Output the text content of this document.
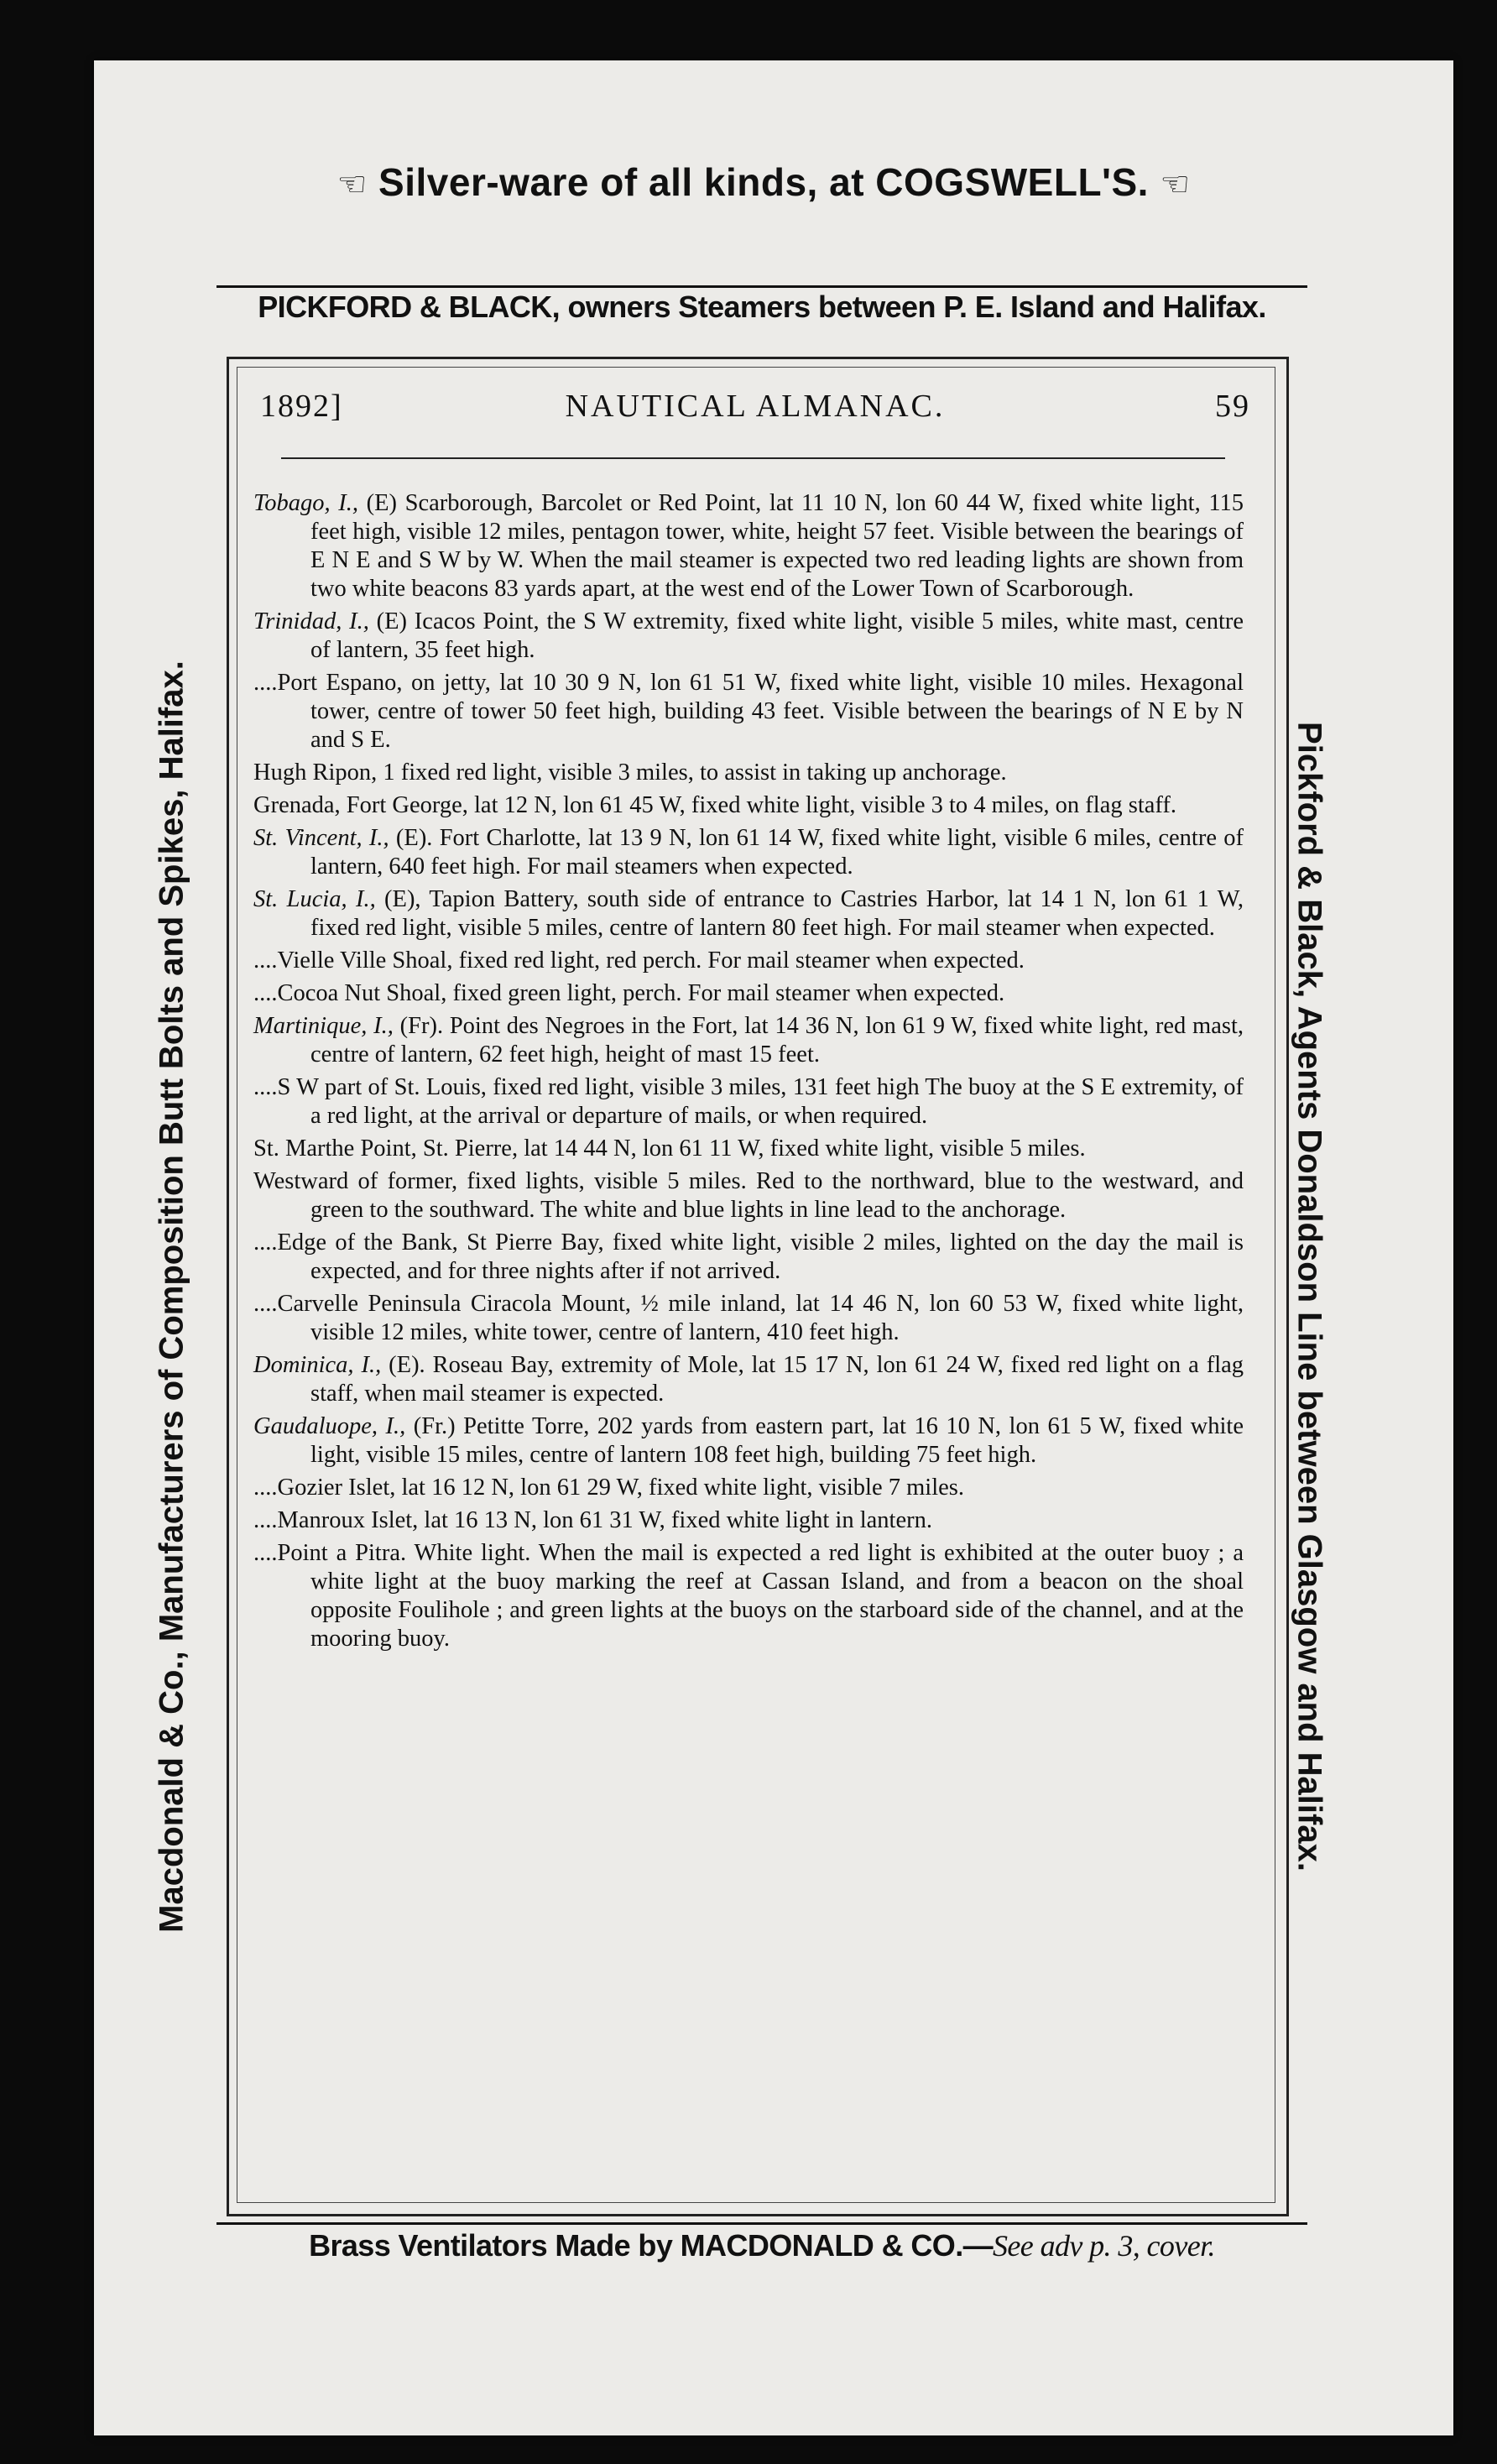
☞ Silver-ware of all kinds, at COGSWELL'S. ☜
PICKFORD & BLACK, owners Steamers between P. E. Island and Halifax.
Macdonald & Co., Manufacturers of Composition Butt Bolts and Spikes, Halifax.	Pickford & Black, Agents Donaldson Line between Glasgow and Halifax.
1892]	NAUTICAL ALMANAC.	59

Tobago, I., (E) Scarborough, Barcolet or Red Point, lat 11 10 N, lon 60 44 W, fixed white light, 115 feet high, visible 12 miles, pentagon tower, white, height 57 feet. Visible between the bearings of E N E and S W by W. When the mail steamer is expected two red leading lights are shown from two white beacons 83 yards apart, at the west end of the Lower Town of Scarborough.

Trinidad, I., (E) Icacos Point, the S W extremity, fixed white light, visible 5 miles, white mast, centre of lantern, 35 feet high.

....Port Espano, on jetty, lat 10 30 9 N, lon 61 51 W, fixed white light, visible 10 miles. Hexagonal tower, centre of tower 50 feet high, building 43 feet. Visible between the bearings of N E by N and S E.

Hugh Ripon, 1 fixed red light, visible 3 miles, to assist in taking up anchorage.

Grenada, Fort George, lat 12 N, lon 61 45 W, fixed white light, visible 3 to 4 miles, on flag staff.

St. Vincent, I., (E). Fort Charlotte, lat 13 9 N, lon 61 14 W, fixed white light, visible 6 miles, centre of lantern, 640 feet high. For mail steamers when expected.

St. Lucia, I., (E), Tapion Battery, south side of entrance to Castries Harbor, lat 14 1 N, lon 61 1 W, fixed red light, visible 5 miles, centre of lantern 80 feet high. For mail steamer when expected.

....Vielle Ville Shoal, fixed red light, red perch. For mail steamer when expected.

....Cocoa Nut Shoal, fixed green light, perch. For mail steamer when expected.

Martinique, I., (Fr). Point des Negroes in the Fort, lat 14 36 N, lon 61 9 W, fixed white light, red mast, centre of lantern, 62 feet high, height of mast 15 feet.

....S W part of St. Louis, fixed red light, visible 3 miles, 131 feet high The buoy at the S E extremity, of a red light, at the arrival or departure of mails, or when required.

St. Marthe Point, St. Pierre, lat 14 44 N, lon 61 11 W, fixed white light, visible 5 miles.

Westward of former, fixed lights, visible 5 miles. Red to the northward, blue to the westward, and green to the southward. The white and blue lights in line lead to the anchorage.

....Edge of the Bank, St Pierre Bay, fixed white light, visible 2 miles, lighted on the day the mail is expected, and for three nights after if not arrived.

....Carvelle Peninsula Ciracola Mount, ½ mile inland, lat 14 46 N, lon 60 53 W, fixed white light, visible 12 miles, white tower, centre of lantern, 410 feet high.

Dominica, I., (E). Roseau Bay, extremity of Mole, lat 15 17 N, lon 61 24 W, fixed red light on a flag staff, when mail steamer is expected.

Gaudaluope, I., (Fr.) Petitte Torre, 202 yards from eastern part, lat 16 10 N, lon 61 5 W, fixed white light, visible 15 miles, centre of lantern 108 feet high, building 75 feet high.

....Gozier Islet, lat 16 12 N, lon 61 29 W, fixed white light, visible 7 miles.

....Manroux Islet, lat 16 13 N, lon 61 31 W, fixed white light in lantern.

....Point a Pitra. White light. When the mail is expected a red light is exhibited at the outer buoy ; a white light at the buoy marking the reef at Cassan Island, and from a beacon on the shoal opposite Foulihole ; and green lights at the buoys on the starboard side of the channel, and at the mooring buoy.

Brass Ventilators Made by MACDONALD & CO.—See adv p. 3, cover.
